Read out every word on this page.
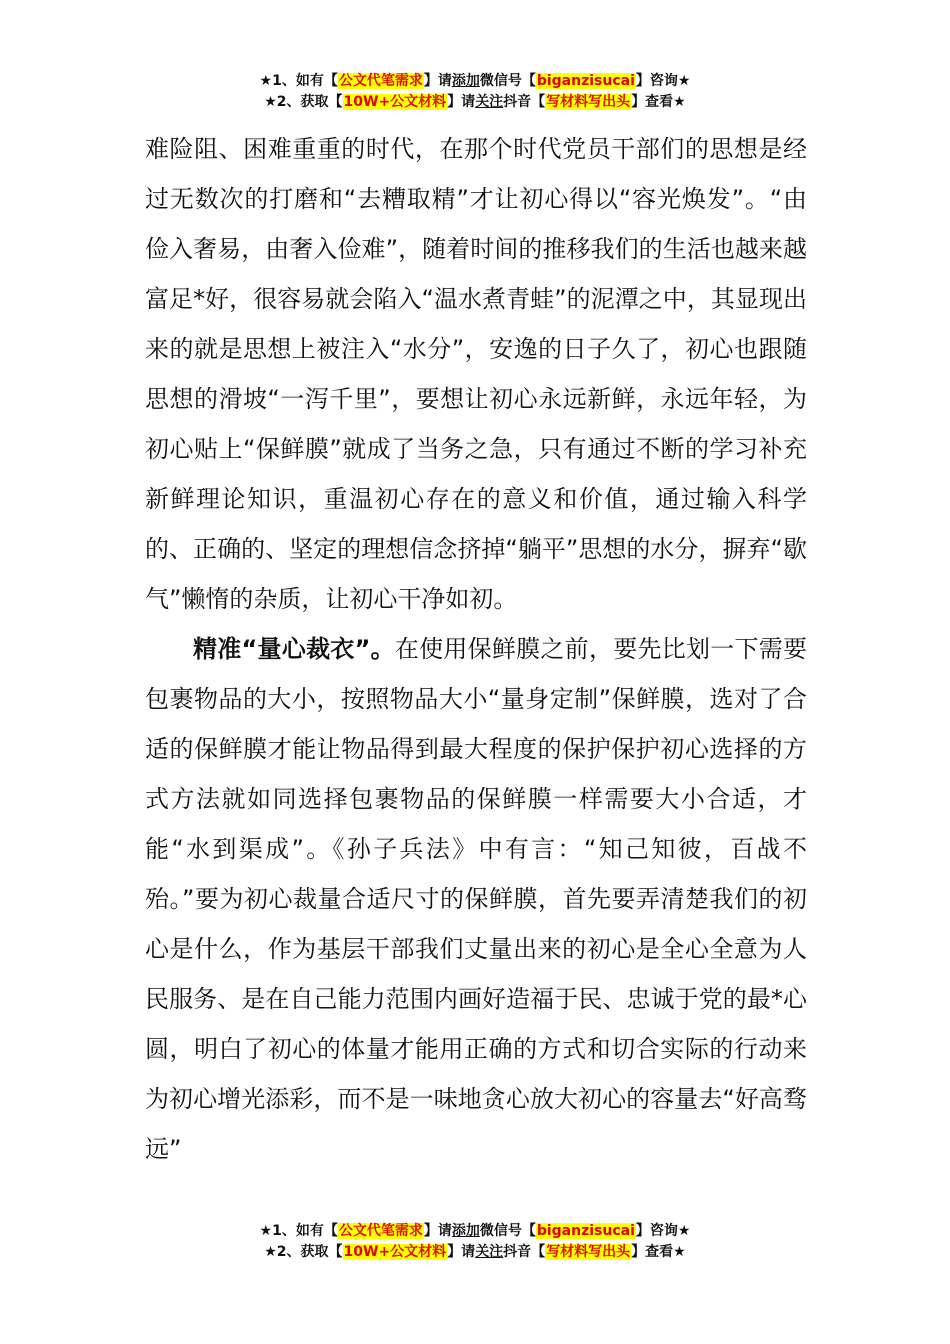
★1、如有【公文代笔需求】请添加微信号【biganzisucai】咨询★
★2、获取【10W+公文材料】请关注抖音【写材料写出头】查看★

难险阻、困难重重的时代，在那个时代党员干部们的思想是经过无数次的打磨和“去糟取精”才让初心得以“容光焕发”。“由俭入奢易，由奢入俭难”，随着时间的推移我们的生活也越来越富足*好，很容易就会陷入“温水煮青蛙”的泥潭之中，其显现出来的就是思想上被注入“水分”，安逸的日子久了，初心也跟随思想的滑坡“一泻千里”，要想让初心永远新鲜，永远年轻，为初心贴上“保鲜膜”就成了当务之急，只有通过不断的学习补充新鲜理论知识，重温初心存在的意义和价值，通过输入科学的、正确的、坚定的理想信念挤掉“躺平”思想的水分，摒弃“歇气”懒惰的杂质，让初心干净如初。

精准“量心裁衣”。在使用保鲜膜之前，要先比划一下需要包裹物品的大小，按照物品大小“量身定制”保鲜膜，选对了合适的保鲜膜才能让物品得到最大程度的保护保护初心选择的方式方法就如同选择包裹物品的保鲜膜一样需要大小合适，才能“水到渠成”。《孙子兵法》中有言：“知己知彼，百战不殆。”要为初心裁量合适尺寸的保鲜膜，首先要弄清楚我们的初心是什么，作为基层干部我们丈量出来的初心是全心全意为人民服务、是在自己能力范围内画好造福于民、忠诚于党的最*心圆，明白了初心的体量才能用正确的方式和切合实际的行动来为初心增光添彩，而不是一味地贪心放大初心的容量去“好高骛远”

★1、如有【公文代笔需求】请添加微信号【biganzisucai】咨询★
★2、获取【10W+公文材料】请关注抖音【写材料写出头】查看★
